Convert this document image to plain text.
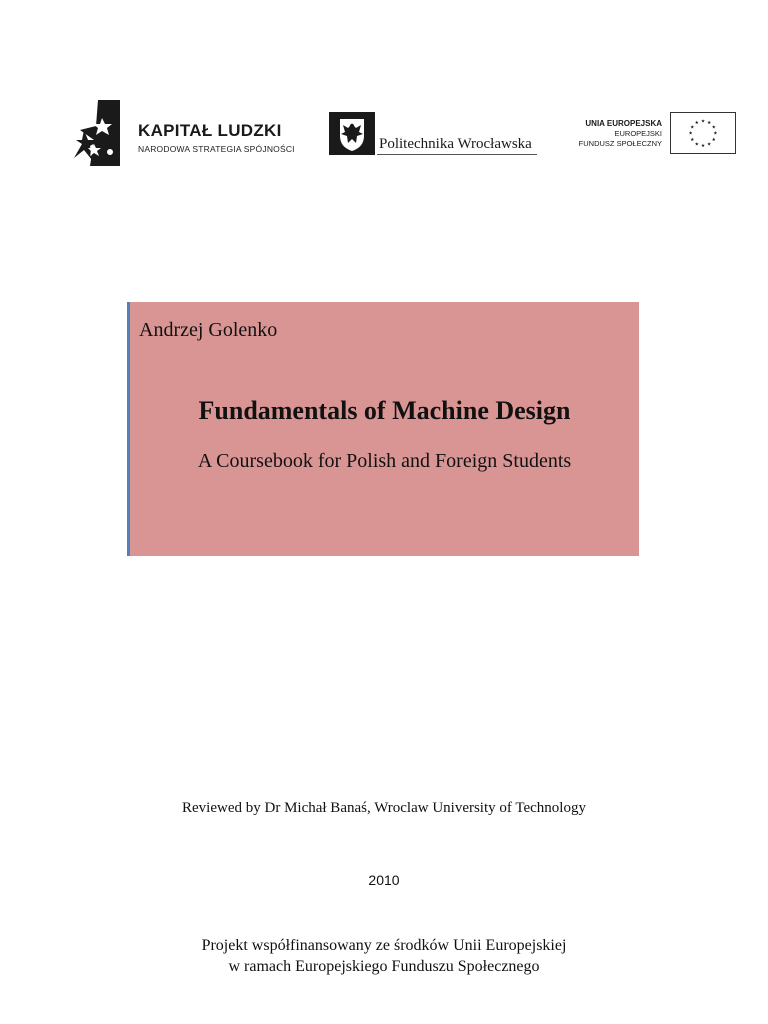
KAPITAŁ LUDZKI
NARODOWA STRATEGIA SPÓJNOŚCI	Politechnika Wrocławska
UNIA EUROPEJSKA
EUROPEJSKI
FUNDUSZ SPOŁECZNY
★ ★
★
★
★
★
★
★
★
★
★
★
Andrzej Golenko
Fundamentals of Machine Design
A Coursebook for Polish and Foreign Students
Reviewed by Dr Michał Banaś, Wroclaw University of Technology
2010
Projekt współfinansowany ze środków Unii Europejskiej
w ramach Europejskiego Funduszu Społecznego
